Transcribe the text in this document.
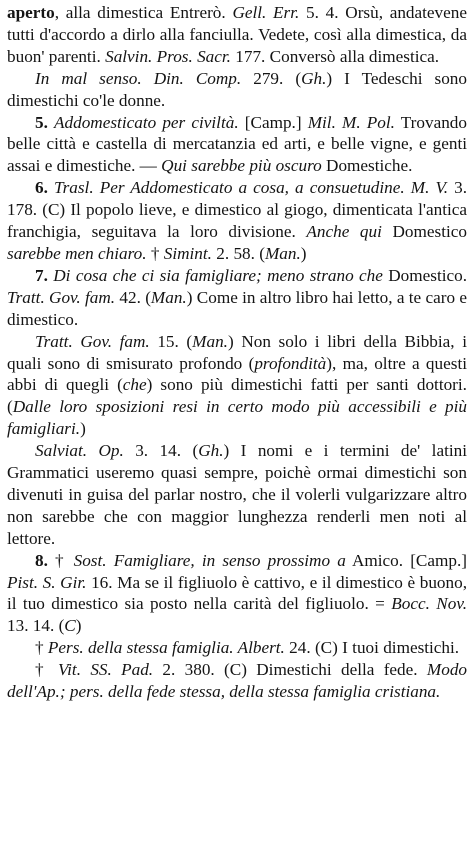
aperto, alla dimestica Entrerò. Gell. Err. 5. 4. Orsù, andatevene tutti d'accordo a dirlo alla fanciulla. Vedete, così alla dimestica, da buon' parenti. Salvin. Pros. Sacr. 177. Conversò alla dimestica.

In mal senso. Din. Comp. 279. (Gh.) I Tedeschi sono dimestichi co'le donne.

5. Addomesticato per civiltà. [Camp.] Mil. M. Pol. Trovando belle città e castella di mercatanzia ed arti, e belle vigne, e genti assai e dimestiche. — Qui sarebbe più oscuro Domestiche.

6. Trasl. Per Addomesticato a cosa, a consuetudine. M. V. 3. 178. (C) Il popolo lieve, e dimestico al giogo, dimenticata l'antica franchigia, seguitava la loro divisione. Anche qui Domestico sarebbe men chiaro. † Simint. 2. 58. (Man.)

7. Di cosa che ci sia famigliare; meno strano che Domestico. Tratt. Gov. fam. 42. (Man.) Come in altro libro hai letto, a te caro e dimestico.

Tratt. Gov. fam. 15. (Man.) Non solo i libri della Bibbia, i quali sono di smisurato profondo (profondità), ma, oltre a questi abbi di quegli (che) sono più dimestichi fatti per santi dottori. (Dalle loro sposizioni resi in certo modo più accessibili e più famigliari.)

Salviat. Op. 3. 14. (Gh.) I nomi e i termini de' latini Grammatici useremo quasi sempre, poichè ormai dimestichi son divenuti in guisa del parlar nostro, che il volerli vulgarizzare altro non sarebbe che con maggior lunghezza renderli men noti al lettore.

8. † Sost. Famigliare, in senso prossimo a Amico. [Camp.] Pist. S. Gir. 16. Ma se il figliuolo è cattivo, e il dimestico è buono, il tuo dimestico sia posto nella carità del figliuolo. = Bocc. Nov. 13. 14. (C)

† Pers. della stessa famiglia. Albert. 24. (C) I tuoi dimestichi.

† Vit. SS. Pad. 2. 380. (C) Dimestichi della fede. Modo dell'Ap.; pers. della fede stessa, della stessa famiglia cristiana.
